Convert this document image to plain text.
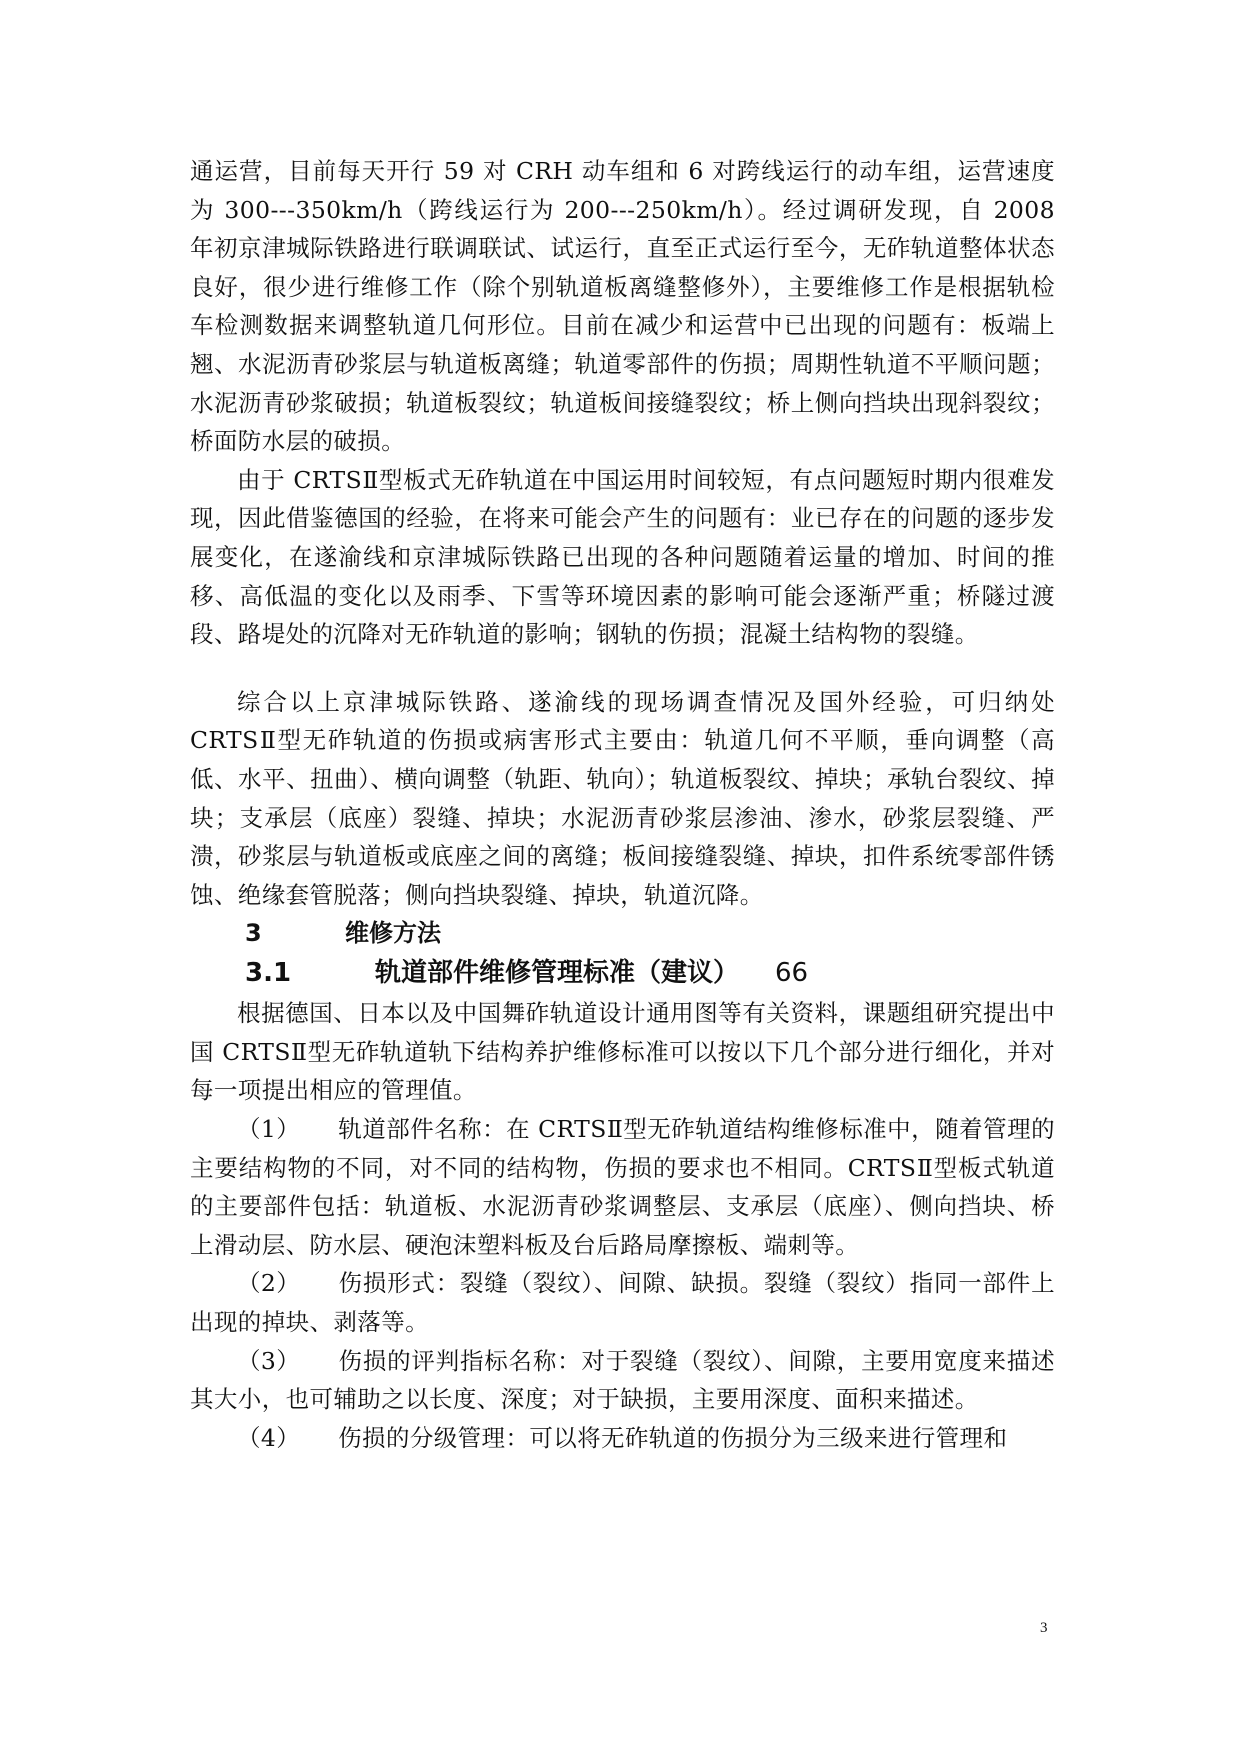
通运营，目前每天开行 59 对 CRH 动车组和 6 对跨线运行的动车组，运营速度为 300---350km/h（跨线运行为 200---250km/h）。经过调研发现，自 2008 年初京津城际铁路进行联调联试、试运行，直至正式运行至今，无砟轨道整体状态良好，很少进行维修工作（除个别轨道板离缝整修外），主要维修工作是根据轨检车检测数据来调整轨道几何形位。目前在减少和运营中已出现的问题有：板端上翘、水泥沥青砂浆层与轨道板离缝；轨道零部件的伤损；周期性轨道不平顺问题；水泥沥青砂浆破损；轨道板裂纹；轨道板间接缝裂纹；桥上侧向挡块出现斜裂纹；桥面防水层的破损。

由于 CRTSⅡ型板式无砟轨道在中国运用时间较短，有点问题短时期内很难发现，因此借鉴德国的经验，在将来可能会产生的问题有：业已存在的问题的逐步发展变化，在遂渝线和京津城际铁路已出现的各种问题随着运量的增加、时间的推移、高低温的变化以及雨季、下雪等环境因素的影响可能会逐渐严重；桥隧过渡段、路堤处的沉降对无砟轨道的影响；钢轨的伤损；混凝土结构物的裂缝。

综合以上京津城际铁路、遂渝线的现场调查情况及国外经验，可归纳处 CRTSⅡ型无砟轨道的伤损或病害形式主要由：轨道几何不平顺，垂向调整（高低、水平、扭曲）、横向调整（轨距、轨向）；轨道板裂纹、掉块；承轨台裂纹、掉块；支承层（底座）裂缝、掉块；水泥沥青砂浆层渗油、渗水，砂浆层裂缝、严溃，砂浆层与轨道板或底座之间的离缝；板间接缝裂缝、掉块，扣件系统零部件锈蚀、绝缘套管脱落；侧向挡块裂缝、掉块，轨道沉降。

3	维修方法
3.1	轨道部件维修管理标准（建议） 66

根据德国、日本以及中国舞砟轨道设计通用图等有关资料，课题组研究提出中国 CRTSⅡ型无砟轨道轨下结构养护维修标准可以按以下几个部分进行细化，并对每一项提出相应的管理值。

（1） 轨道部件名称：在 CRTSⅡ型无砟轨道结构维修标准中，随着管理的主要结构物的不同，对不同的结构物，伤损的要求也不相同。CRTSⅡ型板式轨道的主要部件包括：轨道板、水泥沥青砂浆调整层、支承层（底座）、侧向挡块、桥上滑动层、防水层、硬泡沫塑料板及台后路局摩擦板、端刺等。

（2） 伤损形式：裂缝（裂纹）、间隙、缺损。裂缝（裂纹）指同一部件上出现的掉块、剥落等。

（3） 伤损的评判指标名称：对于裂缝（裂纹）、间隙，主要用宽度来描述其大小，也可辅助之以长度、深度；对于缺损，主要用深度、面积来描述。

（4） 伤损的分级管理：可以将无砟轨道的伤损分为三级来进行管理和

3
